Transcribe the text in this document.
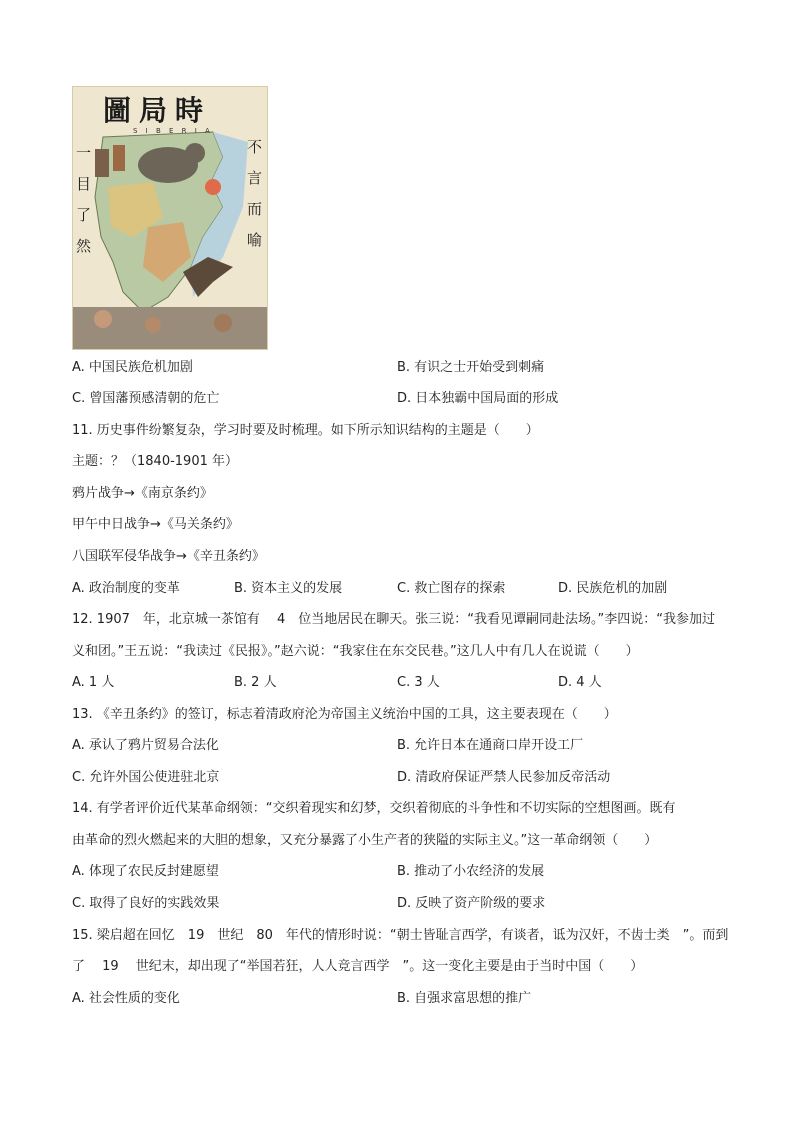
圖局時
S I B E R I A
一目了然	不言而喻
A. 中国民族危机加剧	B. 有识之士开始受到刺痛
C. 曾国藩预感清朝的危亡	D. 日本独霸中国局面的形成
11. 历史事件纷繁复杂，学习时要及时梳理。如下所示知识结构的主题是（　　）
主题：？（1840-1901 年）
鸦片战争→《南京条约》
甲午中日战争→《马关条约》
八国联军侵华战争→《辛丑条约》
A. 政治制度的变革	B. 资本主义的发展	C. 救亡图存的探索	D. 民族危机的加剧
12. 1907　年，北京城一茶馆有　 4　位当地居民在聊天。张三说：“我看见谭嗣同赴法场。”李四说：“我参加过
义和团。”王五说：“我读过《民报》。”赵六说：“我家住在东交民巷。”这几人中有几人在说谎（　　）
A. 1 人	B. 2 人	C. 3 人	D. 4 人
13. 《辛丑条约》的签订，标志着清政府沦为帝国主义统治中国的工具，这主要表现在（　　）
A. 承认了鸦片贸易合法化	B. 允许日本在通商口岸开设工厂
C. 允许外国公使进驻北京	D. 清政府保证严禁人民参加反帝活动
14. 有学者评价近代某革命纲领：“交织着现实和幻梦，交织着彻底的斗争性和不切实际的空想图画。既有
由革命的烈火燃起来的大胆的想象，又充分暴露了小生产者的狭隘的实际主义。”这一革命纲领（　　）
A. 体现了农民反封建愿望	B. 推动了小农经济的发展
C. 取得了良好的实践效果	D. 反映了资产阶级的要求
15. 梁启超在回忆　19　世纪　80　年代的情形时说：“朝士皆耻言西学，有谈者，诋为汉奸，不齿士类　”。而到
了　 19　 世纪末，却出现了“举国若狂，人人竞言西学　”。这一变化主要是由于当时中国（　　）
A. 社会性质的变化	B. 自强求富思想的推广
